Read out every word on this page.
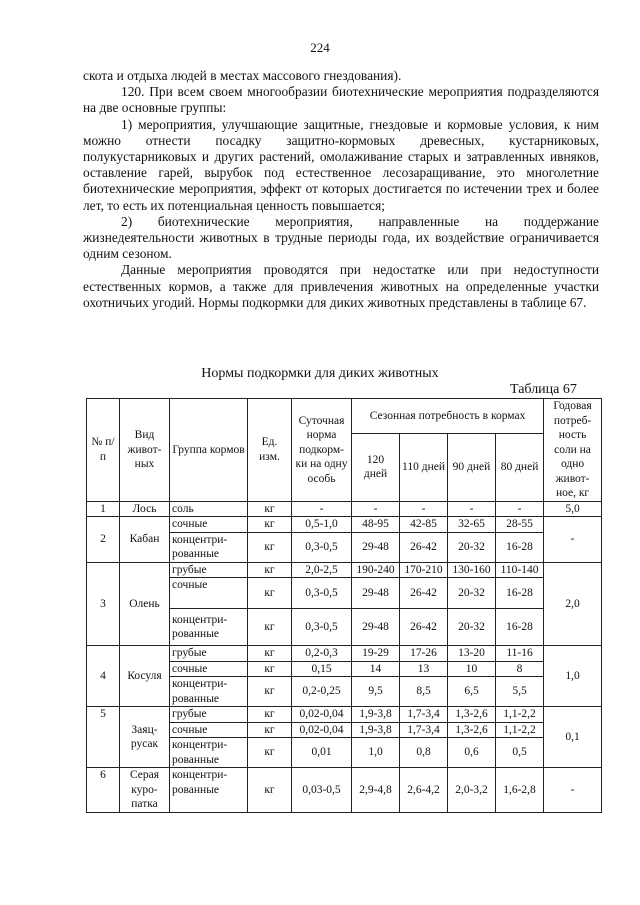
224

скота и отдыха людей в местах массового гнездования).

120. При всем своем многообразии биотехнические мероприятия подразделяются на две основные группы:

1) мероприятия, улучшающие защитные, гнездовые и кормовые условия, к ним можно отнести посадку защитно-кормовых древесных, кустарниковых, полукустарниковых и других растений, омолаживание старых и затравленных ивняков, оставление гарей, вырубок под естественное лесозаращивание, это многолетние биотехнические мероприятия, эффект от которых достигается по истечении трех и более лет, то есть их потенциальная ценность повышается;

2) биотехнические мероприятия, направленные на поддержание жизнедеятельности животных в трудные периоды года, их воздействие ограничивается одним сезоном.

Данные мероприятия проводятся при недостатке или при недоступности естественных кормов, а также для привлечения животных на определенные участки охотничьих угодий. Нормы подкормки для диких животных представлены в таблице 67.

Нормы подкормки для диких животных
Таблица 67
№ п/п	Вид живот-ных	Группа кормов	Ед. изм.	Суточная норма подкорм-ки на одну особь	Сезонная потребность в кормах				Годовая потреб-ность соли на одно живот-ное, кг
					120 дней	110 дней	90 дней	80 дней	
1	Лось	соль	кг	-	-	-	-	-	5,0
2	Кабан	сочные	кг	0,5-1,0	48-95	42-85	32-65	28-55	-
		концентри-рованные	кг	0,3-0,5	29-48	26-42	20-32	16-28	
3	Олень	грубые	кг	2,0-2,5	190-240	170-210	130-160	110-140	2,0
		сочные	кг	0,3-0,5	29-48	26-42	20-32	16-28	
		концентри-рованные	кг	0,3-0,5	29-48	26-42	20-32	16-28	
4	Косуля	грубые	кг	0,2-0,3	19-29	17-26	13-20	11-16	1,0
		сочные	кг	0,15	14	13	10	8	
		концентри-рованные	кг	0,2-0,25	9,5	8,5	6,5	5,5	
5	Заяц-русак	грубые	кг	0,02-0,04	1,9-3,8	1,7-3,4	1,3-2,6	1,1-2,2	0,1
		сочные	кг	0,02-0,04	1,9-3,8	1,7-3,4	1,3-2,6	1,1-2,2	
		концентри-рованные	кг	0,01	1,0	0,8	0,6	0,5	
6	Серая куро-патка	концентри-рованные	кг	0,03-0,5	2,9-4,8	2,6-4,2	2,0-3,2	1,6-2,8	-
